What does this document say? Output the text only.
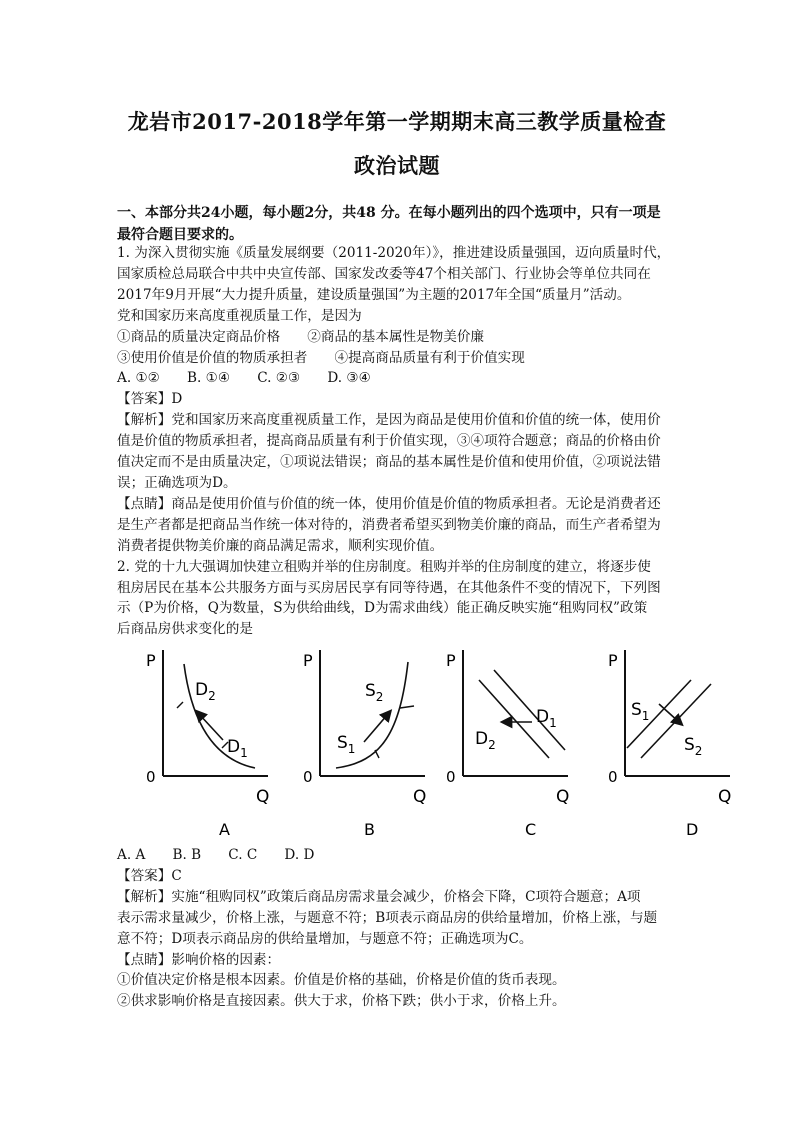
龙岩市2017-2018学年第一学期期末高三教学质量检查
政治试题
一、本部分共24小题，每小题2分，共48 分。在每小题列出的四个选项中，只有一项是
最符合题目要求的。
1. 为深入贯彻实施《质量发展纲要（2011-2020年）》，推进建设质量强国，迈向质量时代，
国家质检总局联合中共中央宣传部、国家发改委等47个相关部门、行业协会等单位共同在
2017年9月开展“大力提升质量，建设质量强国”为主题的2017年全国“质量月”活动。
党和国家历来高度重视质量工作，是因为
①商品的质量决定商品价格　　②商品的基本属性是物美价廉
③使用价值是价值的物质承担者　　④提高商品质量有利于价值实现
A. ①②　　B. ①④　　C. ②③　　D. ③④
【答案】D
【解析】党和国家历来高度重视质量工作，是因为商品是使用价值和价值的统一体，使用价
值是价值的物质承担者，提高商品质量有利于价值实现，③④项符合题意；商品的价格由价
值决定而不是由质量决定，①项说法错误；商品的基本属性是价值和使用价值，②项说法错
误；正确选项为D。
【点睛】商品是使用价值与价值的统一体，使用价值是价值的物质承担者。无论是消费者还
是生产者都是把商品当作统一体对待的，消费者希望买到物美价廉的商品，而生产者希望为
消费者提供物美价廉的商品满足需求，顺利实现价值。
2. 党的十九大强调加快建立租购并举的住房制度。租购并举的住房制度的建立，将逐步使
租房居民在基本公共服务方面与买房居民享有同等待遇，在其他条件不变的情况下，下列图
示（P为价格，Q为数量，S为供给曲线，D为需求曲线）能正确反映实施“租购同权”政策
后商品房供求变化的是
P
0
Q
$D_2$
$D_1$
A
P
0
Q
$S_2$
$S_1$
B
P
0
Q
$D_1$
$D_2$
C
P
0
Q
$S_1$
$S_2$
D
A. A　　B. B　　C. C　　D. D
【答案】C
【解析】实施“租购同权”政策后商品房需求量会减少，价格会下降，C项符合题意；A项
表示需求量减少，价格上涨，与题意不符；B项表示商品房的供给量增加，价格上涨，与题
意不符；D项表示商品房的供给量增加，与题意不符；正确选项为C。
【点睛】影响价格的因素：
①价值决定价格是根本因素。价值是价格的基础，价格是价值的货币表现。
②供求影响价格是直接因素。供大于求，价格下跌；供小于求，价格上升。
